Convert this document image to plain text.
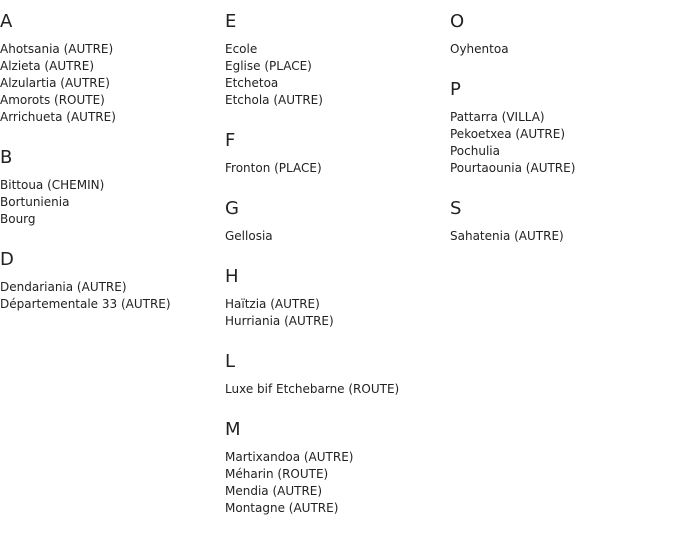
A
Ahotsania (AUTRE)
Alzieta (AUTRE)
Alzulartia (AUTRE)
Amorots (ROUTE)
Arrichueta (AUTRE)
B
Bittoua (CHEMIN)
Bortunienia
Bourg
D
Dendariania (AUTRE)
Départementale 33 (AUTRE)
E
Ecole
Eglise (PLACE)
Etchetoa
Etchola (AUTRE)
F
Fronton (PLACE)
G
Gellosia
H
Haïtzia (AUTRE)
Hurriania (AUTRE)
L
Luxe bif Etchebarne (ROUTE)
M
Martixandoa (AUTRE)
Méharin (ROUTE)
Mendia (AUTRE)
Montagne (AUTRE)
O
Oyhentoa
P
Pattarra (VILLA)
Pekoetxea (AUTRE)
Pochulia
Pourtaounia (AUTRE)
S
Sahatenia (AUTRE)
